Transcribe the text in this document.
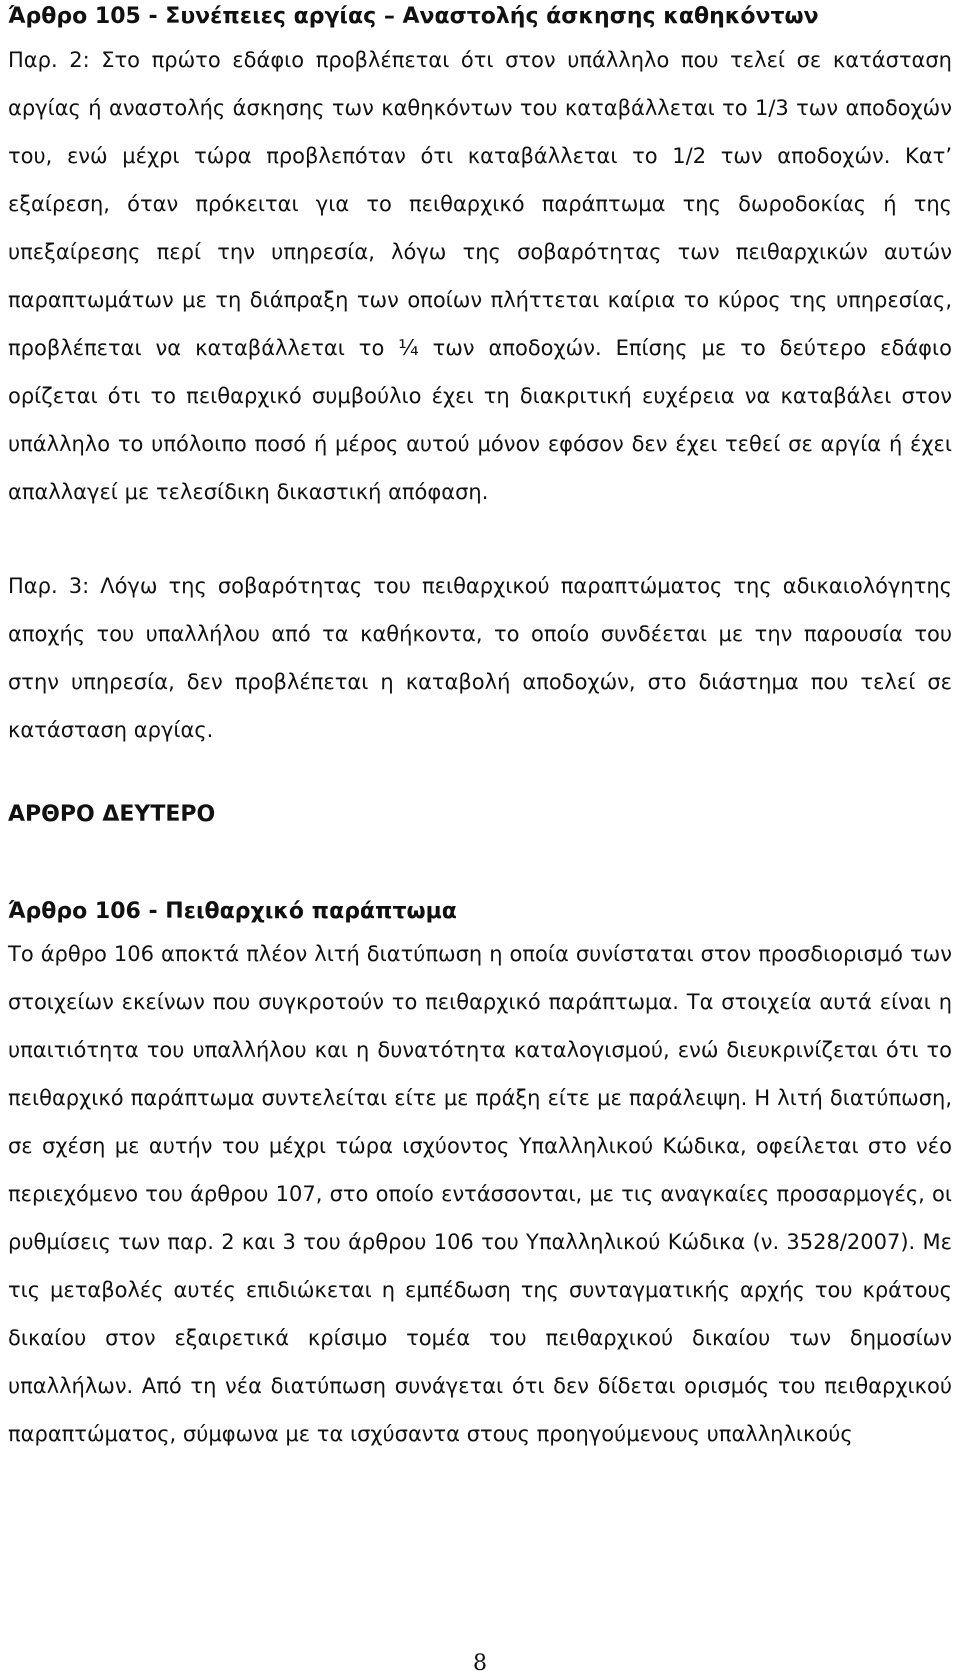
Άρθρο 105 - Συνέπειες αργίας – Αναστολής άσκησης καθηκόντων
Παρ. 2: Στο πρώτο εδάφιο προβλέπεται ότι στον υπάλληλο που τελεί σε κατάσταση αργίας ή αναστολής άσκησης των καθηκόντων του καταβάλλεται το 1/3 των αποδοχών του, ενώ μέχρι τώρα προβλεπόταν ότι καταβάλλεται το 1/2 των αποδοχών. Κατ’ εξαίρεση, όταν πρόκειται για το πειθαρχικό παράπτωμα της δωροδοκίας ή της υπεξαίρεσης περί την υπηρεσία, λόγω της σοβαρότητας των πειθαρχικών αυτών παραπτωμάτων με τη διάπραξη των οποίων πλήττεται καίρια το κύρος της υπηρεσίας, προβλέπεται να καταβάλλεται το ¼ των αποδοχών. Επίσης με το δεύτερο εδάφιο ορίζεται ότι το πειθαρχικό συμβούλιο έχει τη διακριτική ευχέρεια να καταβάλει στον υπάλληλο το υπόλοιπο ποσό ή μέρος αυτού μόνον εφόσον δεν έχει τεθεί σε αργία ή έχει απαλλαγεί με τελεσίδικη δικαστική απόφαση.
Παρ. 3: Λόγω της σοβαρότητας του πειθαρχικού παραπτώματος της αδικαιολόγητης αποχής του υπαλλήλου από τα καθήκοντα, το οποίο συνδέεται με την παρουσία του στην υπηρεσία, δεν προβλέπεται η καταβολή αποδοχών, στο διάστημα που τελεί σε κατάσταση αργίας.
ΑΡΘΡΟ ΔΕΥΤΕΡΟ
Άρθρο 106 - Πειθαρχικό παράπτωμα
Το άρθρο 106 αποκτά πλέον λιτή διατύπωση η οποία συνίσταται στον προσδιορισμό των στοιχείων εκείνων που συγκροτούν το πειθαρχικό παράπτωμα. Τα στοιχεία αυτά είναι η υπαιτιότητα του υπαλλήλου και η δυνατότητα καταλογισμού, ενώ διευκρινίζεται ότι το πειθαρχικό παράπτωμα συντελείται είτε με πράξη είτε με παράλειψη. Η λιτή διατύπωση, σε σχέση με αυτήν του μέχρι τώρα ισχύοντος Υπαλληλικού Κώδικα, οφείλεται στο νέο περιεχόμενο του άρθρου 107, στο οποίο εντάσσονται, με τις αναγκαίες προσαρμογές, οι ρυθμίσεις των παρ. 2 και 3 του άρθρου 106 του Υπαλληλικού Κώδικα (ν. 3528/2007). Με τις μεταβολές αυτές επιδιώκεται η εμπέδωση της συνταγματικής αρχής του κράτους δικαίου στον εξαιρετικά κρίσιμο τομέα του πειθαρχικού δικαίου των δημοσίων υπαλλήλων. Από τη νέα διατύπωση συνάγεται ότι δεν δίδεται ορισμός του πειθαρχικού παραπτώματος, σύμφωνα με τα ισχύσαντα στους προηγούμενους υπαλληλικούς
8
